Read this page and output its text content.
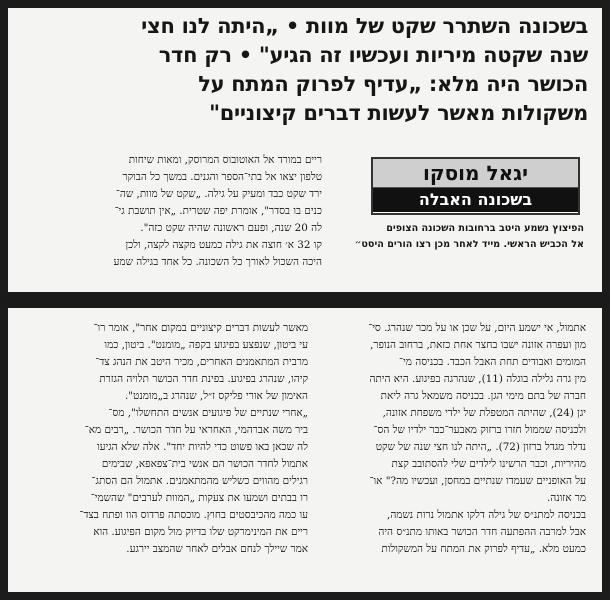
בשכונה השתרר שקט של מוות • „היתה לנו חצי
שנה שקטה מיריות ועכשיו זה הגיע" • רק חדר
הכושר היה מלא: „עדיף לפרוק המתח על
משקולות מאשר לעשות דברים קיצוניים"
יגאל מוסקו
בשכונה האבלה
הפיצוץ נשמע היטב ברחובות השכונה הצופים
אל הכביש הראשי. מייד לאחר מכן רצו הורים היסט״
ריים במורד אל האוטובוס המרוסק, ומאות שיחות
טלפון יצאו אל בתי־הספר והגנים. במשך כל הבוקר
ירד שקט כבד ומעיק על גילה. „שקט של מוות, שה־
כנים בו בסדר", אומרת יפה שטרית. „אין תושבת גי־
לה 20 שנה, ופעם ראשונה שהיה שקט כזה".
קו 32 א׳ חוצה את גילה כמעט מקצה לקצה, ולכן
היכה השכול לאורך כל השכונה. כל אחד בגילה שמע
אתמול, אי ישמע היום, על שכן או על מכר שנהרג. סי־
מון ועפרה אזונה ישבו בחצר אחת כזאת, ברחוב הנופר,
המומים ואבודים תחת האבל הכבד. בכניסה מי־
מין גרה גלילה בוגלה (11), שנהרגה בפיגוע. היא היתה
חברה של בתם מימי הגן. בכניסה משמאל גרה ליאת
יגן (24), שהיתה המטפלת של ילדי משפחת אזונה,
ולכניסה שממול חזרו ברזוק מאבער־כבר ילדיו של הס־
נדלר מגדל ברזון (72). „היתה לנו חצי שנה של שקט
מהיריות, וכבר הרשינו לילדים שלי להסתובב קצת
על האופניים שעמדו שנתיים במחסן, ועכשיו מה?" או־
מר אזונה.
בכניסה למתנ״ס של גילה דלקו אתמול נרות נשמה,
אבל למרבה ההפתעה חדר הכושר באותו מתנ״ס היה
כמעט מלא. „עדיף לפרוק את המתח על המשקולות
מאשר לעשות דברים קיצוניים במקום אחר", אומר רו־
עי ביטון, שנפצע בפיגוע בקפה „מומנט". ביטון, כמו
מרבית המתאמנים האחרים, מכיר היטב את הנהג צד־
קיהו, שנהרג בפיגוע. בפינת חדר הכושר תלויה הגזרת
האימון של אורי פליקס ז״ל, שנהרג ב„מומנט".
„אחרי שנתיים של פיגועים אנשים התחשלו", מס־
ביר משה אברהמי, האחראי על חדר הכושר. „רבים מא־
לה שכאן באו פשוט כדי להיות יחד". אלה שלא הגיעו
אתמול לחדר הכושר הם אנשי בית־צפאפא, שבימים
רגילים מהווים כשליש מהמתאמנים. אתמול הם הסתג־
רו בבתים ושמעו את צעקות „המוות לערבים" שהשמי־
עו כמה מהכיבסטים בחוץ. מוכסתה פרדוס הוו ופתח בצד־
ריים את המינימרקט שלו בדיוק מול מקום הפיגוע. הוא
אמר שיילך לנחם אבלים לאחר שהמצב יירגע.
